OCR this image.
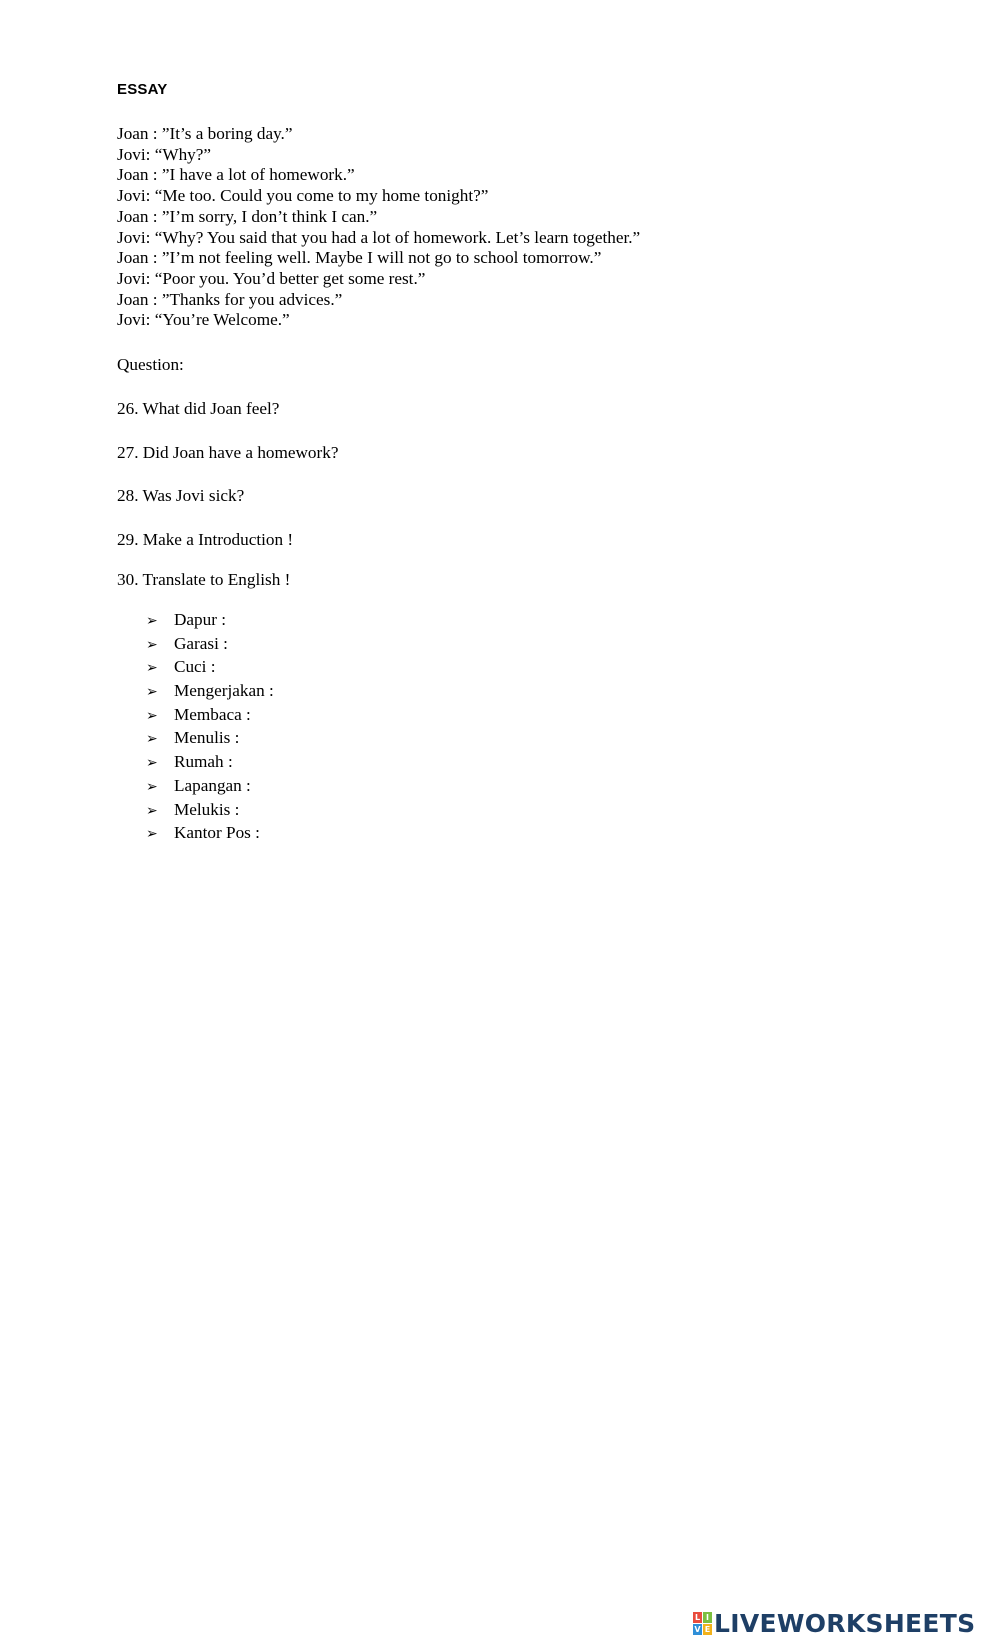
ESSAY
Joan : ”It’s a boring day.”
Jovi: “Why?”
Joan : ”I have a lot of homework.”
Jovi: “Me too. Could you come to my home tonight?”
Joan : ”I’m sorry, I don’t think I can.”
Jovi: “Why? You said that you had a lot of homework. Let’s learn together.”
Joan : ”I’m not feeling well. Maybe I will not go to school tomorrow.”
Jovi: “Poor you. You’d better get some rest.”
Joan : ”Thanks for you advices.”
Jovi: “You’re Welcome.”
Question:
26. What did Joan feel?
27. Did Joan have a homework?
28. Was Jovi sick?
29. Make a Introduction !
30. Translate to English !
➢ Dapur :
➢ Garasi :
➢ Cuci :
➢ Mengerjakan :
➢ Membaca :
➢ Menulis :
➢ Rumah :
➢ Lapangan :
➢ Melukis :
➢ Kantor Pos :
L I
V E LIVEWORKSHEETS
